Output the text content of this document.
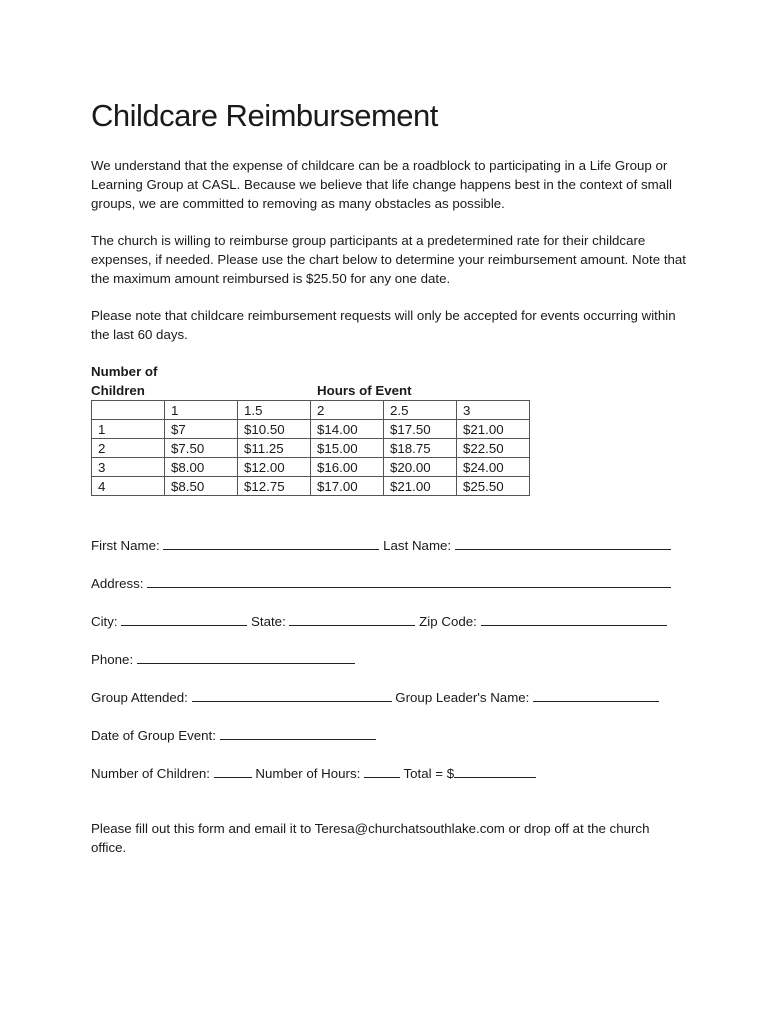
Childcare Reimbursement

We understand that the expense of childcare can be a roadblock to participating in a Life Group or Learning Group at CASL. Because we believe that life change happens best in the context of small groups, we are committed to removing as many obstacles as possible.

The church is willing to reimburse group participants at a predetermined rate for their childcare expenses, if needed. Please use the chart below to determine your reimbursement amount. Note that the maximum amount reimbursed is $25.50 for any one date.

Please note that childcare reimbursement requests will only be accepted for events occurring within the last 60 days.

Number of
Children	Hours of Event
	1	1.5	2	2.5	3
1	$7	$10.50	$14.00	$17.50	$21.00
2	$7.50	$11.25	$15.00	$18.75	$22.50
3	$8.00	$12.00	$16.00	$20.00	$24.00
4	$8.50	$12.75	$17.00	$21.00	$25.50
First Name:	Last Name:
Address:
City:	State:	Zip Code:
Phone:
Group Attended:	Group Leader's Name:
Date of Group Event:
Number of Children:	Number of Hours:	Total = $

Please fill out this form and email it to Teresa@churchatsouthlake.com or drop off at the church office.
